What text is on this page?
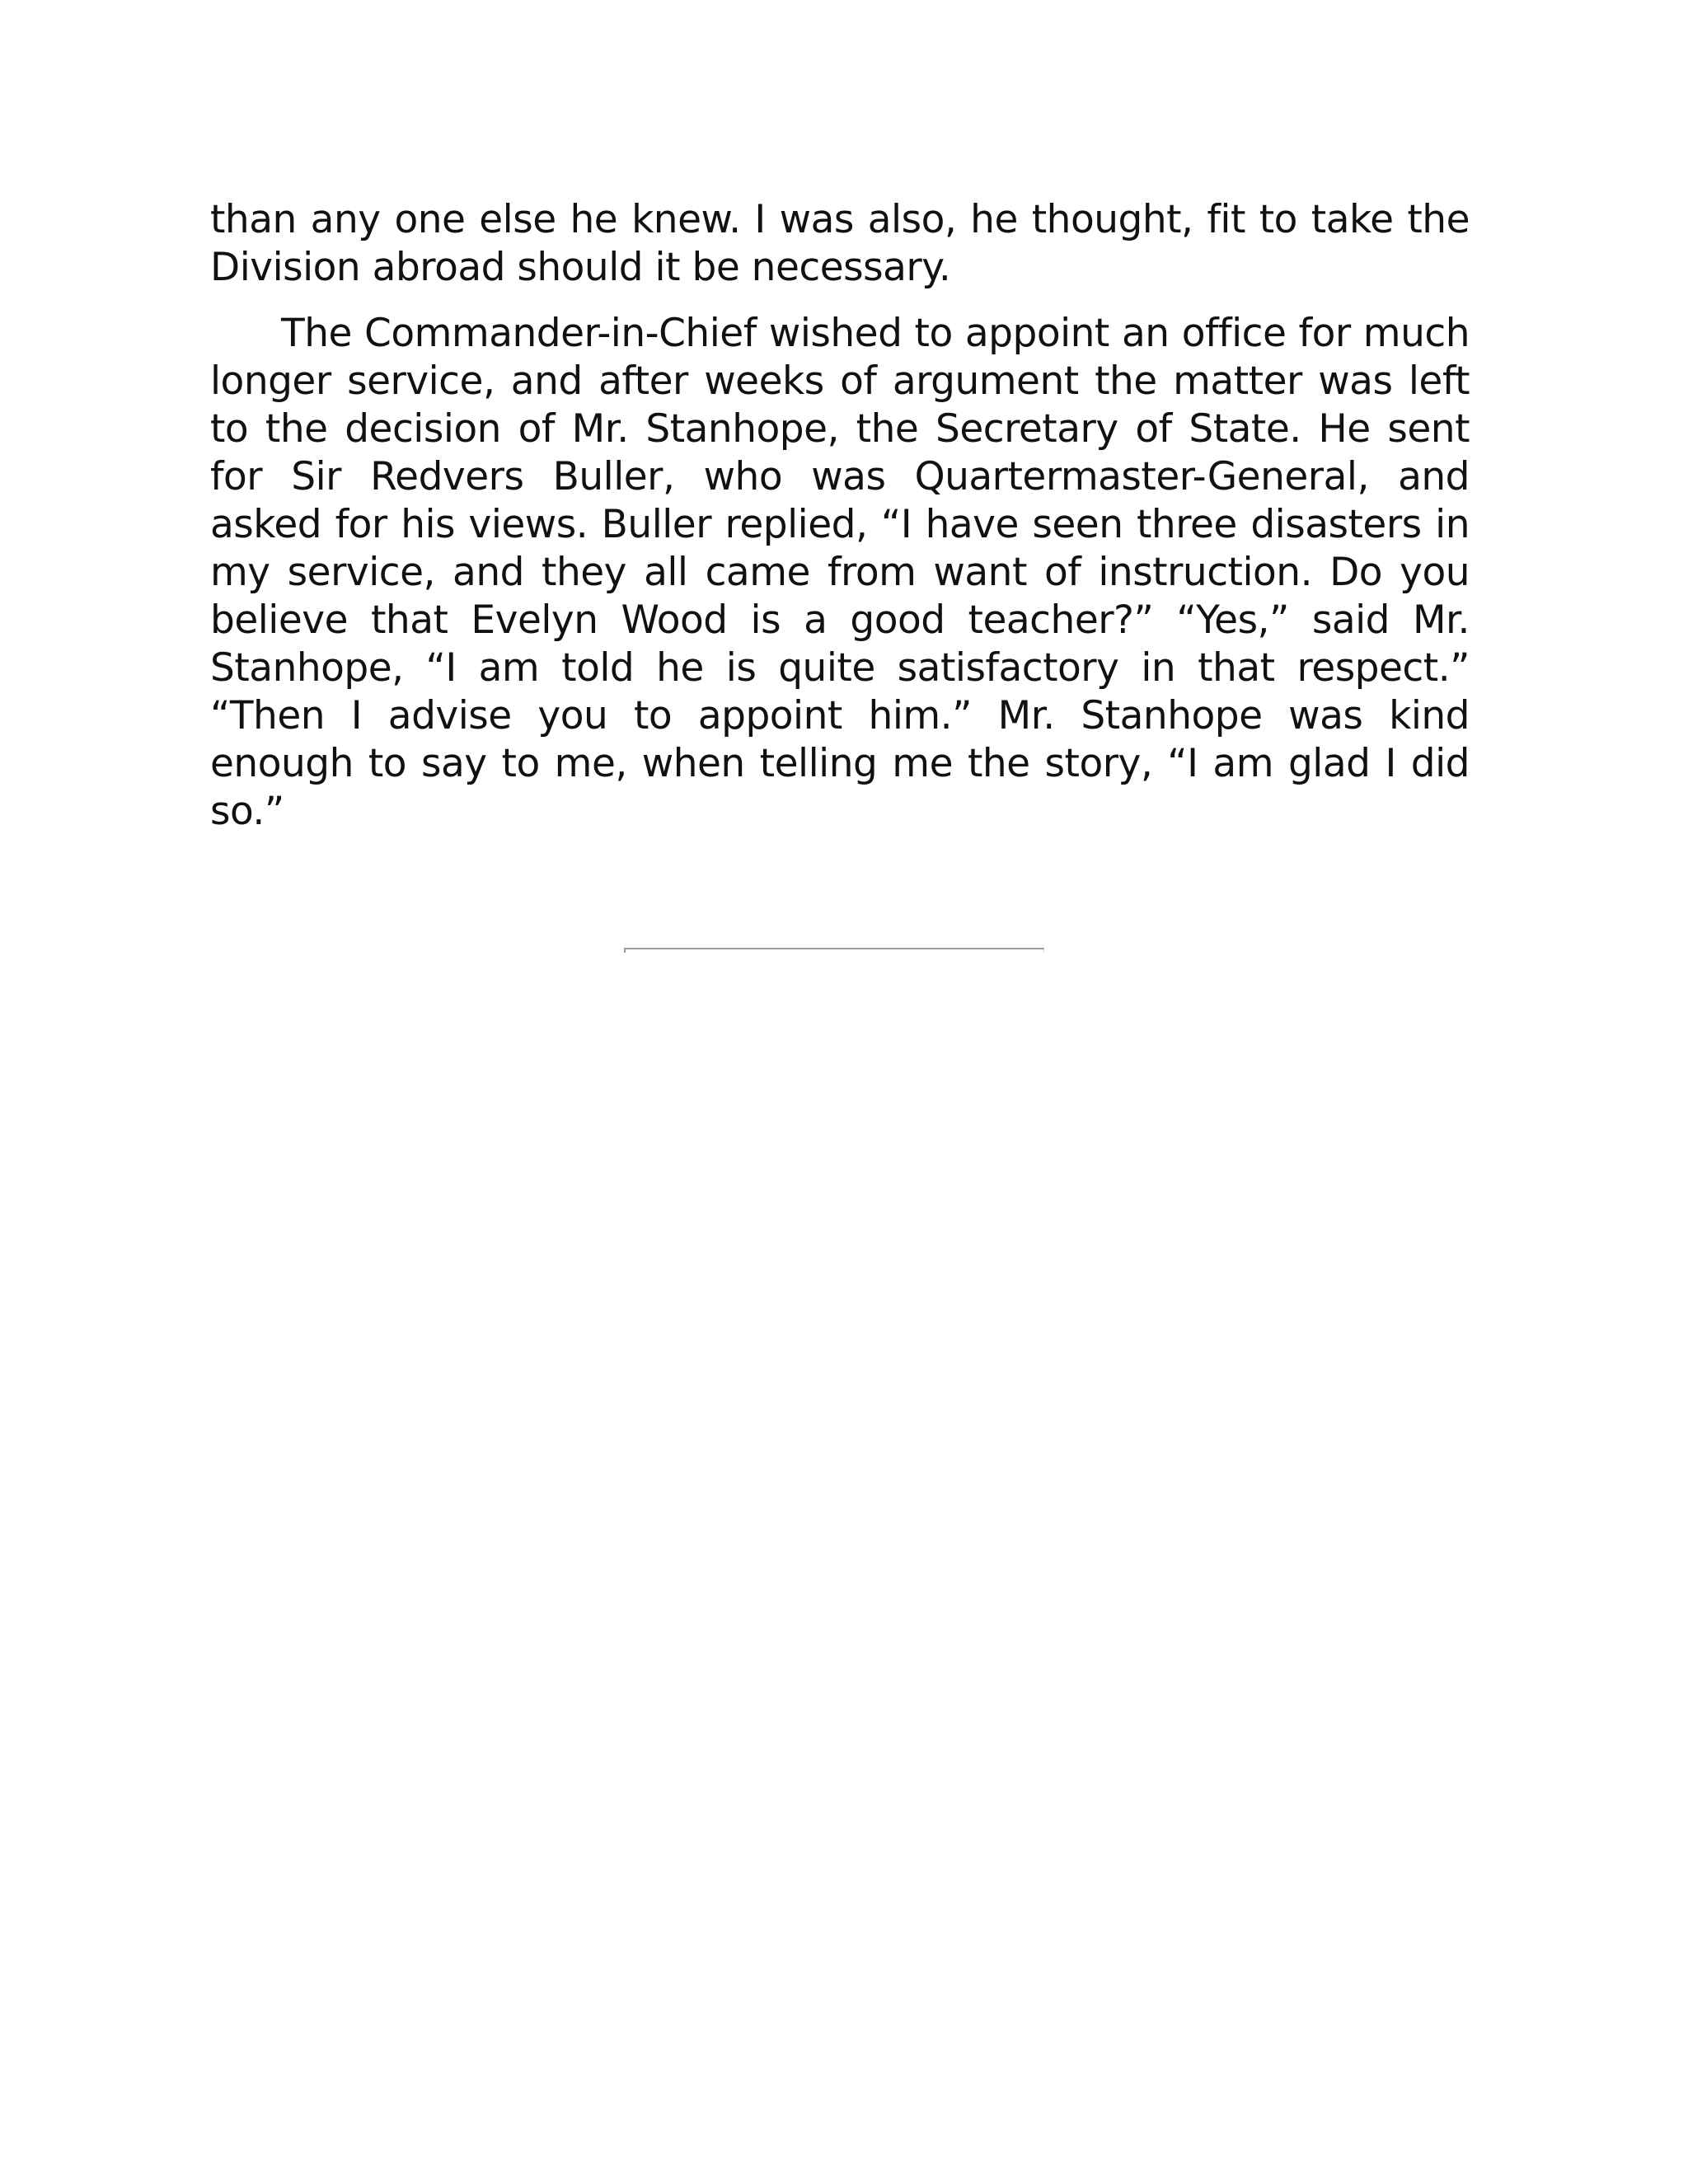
than any one else he knew. I was also, he thought, fit to take the Division abroad should it be necessary.

The Commander-in-Chief wished to appoint an office for much longer service, and after weeks of argument the matter was left to the decision of Mr. Stanhope, the Secretary of State. He sent for Sir Redvers Buller, who was Quartermaster-General, and asked for his views. Buller replied, “I have seen three disasters in my service, and they all came from want of instruction. Do you believe that Evelyn Wood is a good teacher?” “Yes,” said Mr. Stanhope, “I am told he is quite satisfactory in that respect.” “Then I advise you to appoint him.” Mr. Stanhope was kind enough to say to me, when telling me the story, “I am glad I did so.”
